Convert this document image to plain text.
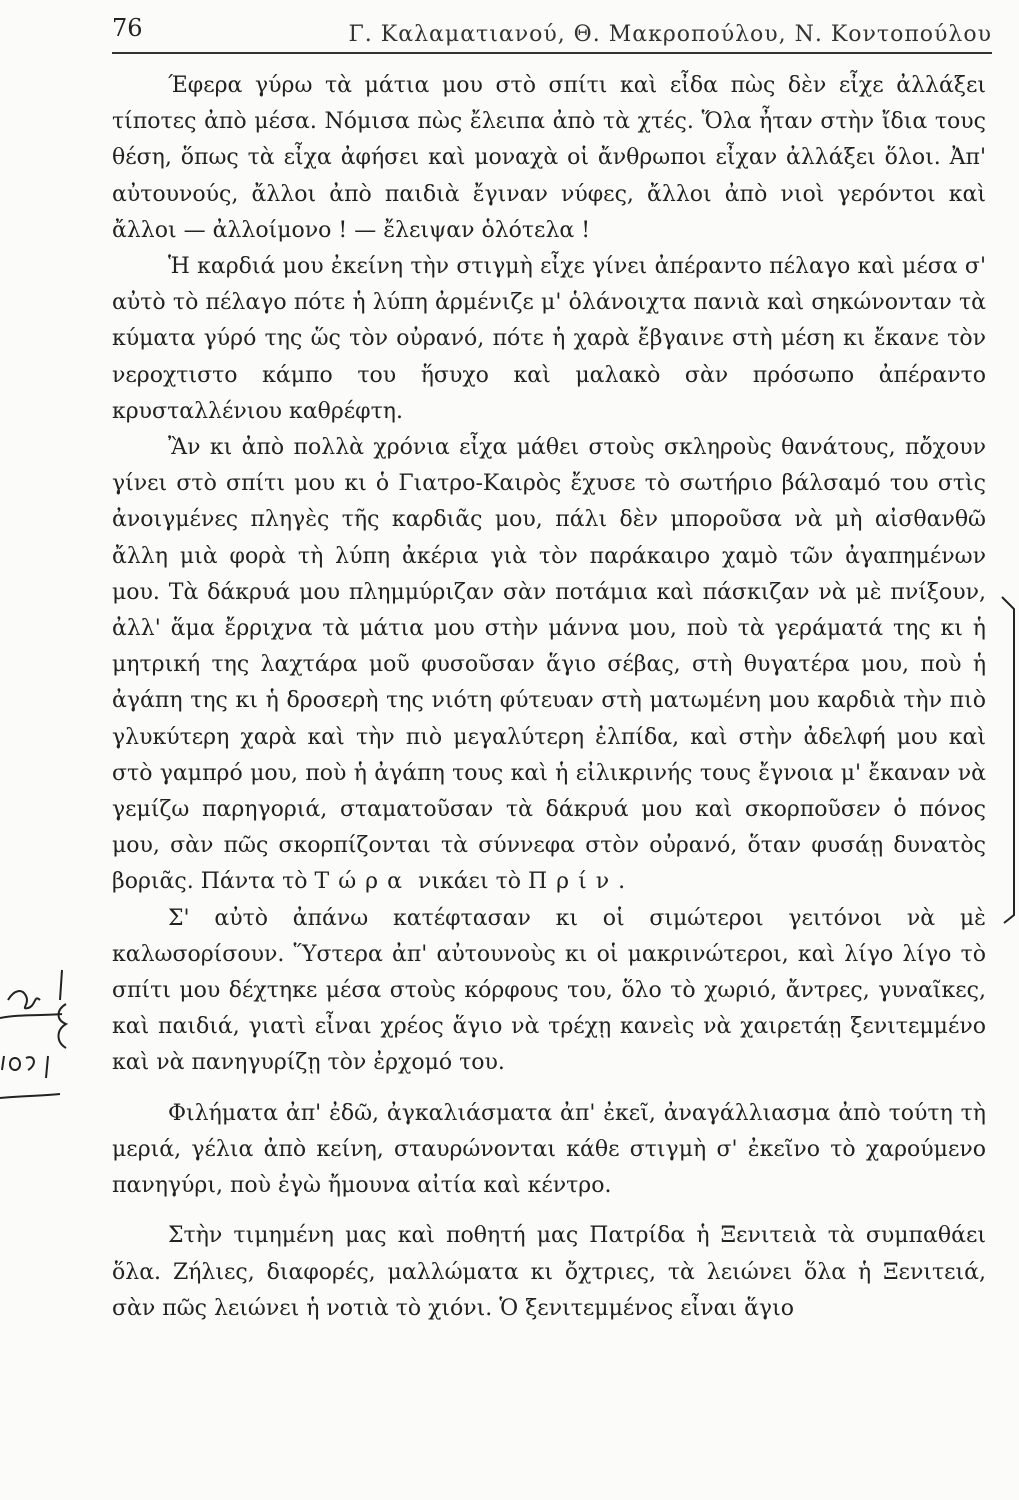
76	Γ. Καλαματιανού, Θ. Μακροπούλου, Ν. Κοντοπούλου

Έφερα γύρω τὰ μάτια μου στὸ σπίτι καὶ εἶδα πὼς δὲν εἶχε ἀλλάξει τίποτες ἀπὸ μέσα. Νόμισα πὼς ἔλειπα ἀπὸ τὰ χτές. Ὅλα ἦταν στὴν ἴδια τους θέση, ὅπως τὰ εἶχα ἀφήσει καὶ μοναχὰ οἱ ἄνθρωποι εἶχαν ἀλλάξει ὅλοι. Ἀπ' αὐτουνούς, ἄλλοι ἀπὸ παιδιὰ ἔγιναν νύφες, ἄλλοι ἀπὸ νιοὶ γερόντοι καὶ ἄλλοι — ἀλλοίμονο ! — ἔλειψαν ὁλότελα !

Ἡ καρδιά μου ἐκείνη τὴν στιγμὴ εἶχε γίνει ἀπέραντο πέλαγο καὶ μέσα σ' αὐτὸ τὸ πέλαγο πότε ἡ λύπη ἀρμένιζε μ' ὁλάνοιχτα πανιὰ καὶ σηκώνονταν τὰ κύματα γύρό της ὥς τὸν οὐρανό, πότε ἡ χαρὰ ἔβγαινε στὴ μέση κι ἔκανε τὸν νεροχτιστο κάμπο του ἥσυχο καὶ μαλακὸ σὰν πρόσωπο ἀπέραντο κρυσταλλένιου καθρέφτη.

Ἂν κι ἀπὸ πολλὰ χρόνια εἶχα μάθει στοὺς σκληροὺς θανάτους, πὄχουν γίνει στὸ σπίτι μου κι ὁ Γιατρο-Καιρὸς ἔχυσε τὸ σωτήριο βάλσαμό του στὶς ἀνοιγμένες πληγὲς τῆς καρδιᾶς μου, πάλι δὲν μποροῦσα νὰ μὴ αἰσθανθῶ ἄλλη μιὰ φορὰ τὴ λύπη ἀκέρια γιὰ τὸν παράκαιρο χαμὸ τῶν ἀγαπημένων μου. Τὰ δάκρυά μου πλημμύριζαν σὰν ποτάμια καὶ πάσκιζαν νὰ μὲ πνίξουν, ἀλλ' ἅμα ἔρριχνα τὰ μάτια μου στὴν μάννα μου, ποὺ τὰ γεράματά της κι ἡ μητρική της λαχτάρα μοῦ φυσοῦσαν ἅγιο σέβας, στὴ θυγατέρα μου, ποὺ ἡ ἀγάπη της κι ἡ δροσερὴ της νιότη φύτευαν στὴ ματωμένη μου καρδιὰ τὴν πιὸ γλυκύτερη χαρὰ καὶ τὴν πιὸ μεγαλύτερη ἐλπίδα, καὶ στὴν ἀδελφή μου καὶ στὸ γαμπρό μου, ποὺ ἡ ἀγάπη τους καὶ ἡ εἰλικρινής τους ἔγνοια μ' ἔκαναν νὰ γεμίζω παρηγοριά, σταματοῦσαν τὰ δάκρυά μου καὶ σκορποῦσεν ὁ πόνος μου, σὰν πῶς σκορπίζονται τὰ σύννεφα στὸν οὐρανό, ὅταν φυσάῃ δυνατὸς βοριᾶς. Πάντα τὸ Τώρα νικάει τὸ Πρίν.

Σ' αὐτὸ ἀπάνω κατέφτασαν κι οἱ σιμώτεροι γειτόνοι νὰ μὲ καλωσορίσουν. Ὕστερα ἀπ' αὐτουνοὺς κι οἱ μακρινώτεροι, καὶ λίγο λίγο τὸ σπίτι μου δέχτηκε μέσα στοὺς κόρφους του, ὅλο τὸ χωριό, ἄντρες, γυναῖκες, καὶ παιδιά, γιατὶ εἶναι χρέος ἅγιο νὰ τρέχῃ κανεὶς νὰ χαιρετάῃ ξενιτεμμένο καὶ νὰ πανηγυρίζῃ τὸν ἐρχομό του.

Φιλήματα ἀπ' ἐδῶ, ἀγκαλιάσματα ἀπ' ἐκεῖ, ἀναγάλλιασμα ἀπὸ τούτη τὴ μεριά, γέλια ἀπὸ κείνη, σταυρώνονται κάθε στιγμὴ σ' ἐκεῖνο τὸ χαρούμενο πανηγύρι, ποὺ ἐγὼ ἤμουνα αἰτία καὶ κέντρο.

Στὴν τιμημένη μας καὶ ποθητή μας Πατρίδα ἡ Ξενιτειὰ τὰ συμπαθάει ὅλα. Ζήλιες, διαφορές, μαλλώματα κι ὄχτριες, τὰ λειώνει ὅλα ἡ Ξενιτειά, σὰν πῶς λειώνει ἡ νοτιὰ τὸ χιόνι. Ὁ ξενιτεμμένος εἶναι ἅγιο
